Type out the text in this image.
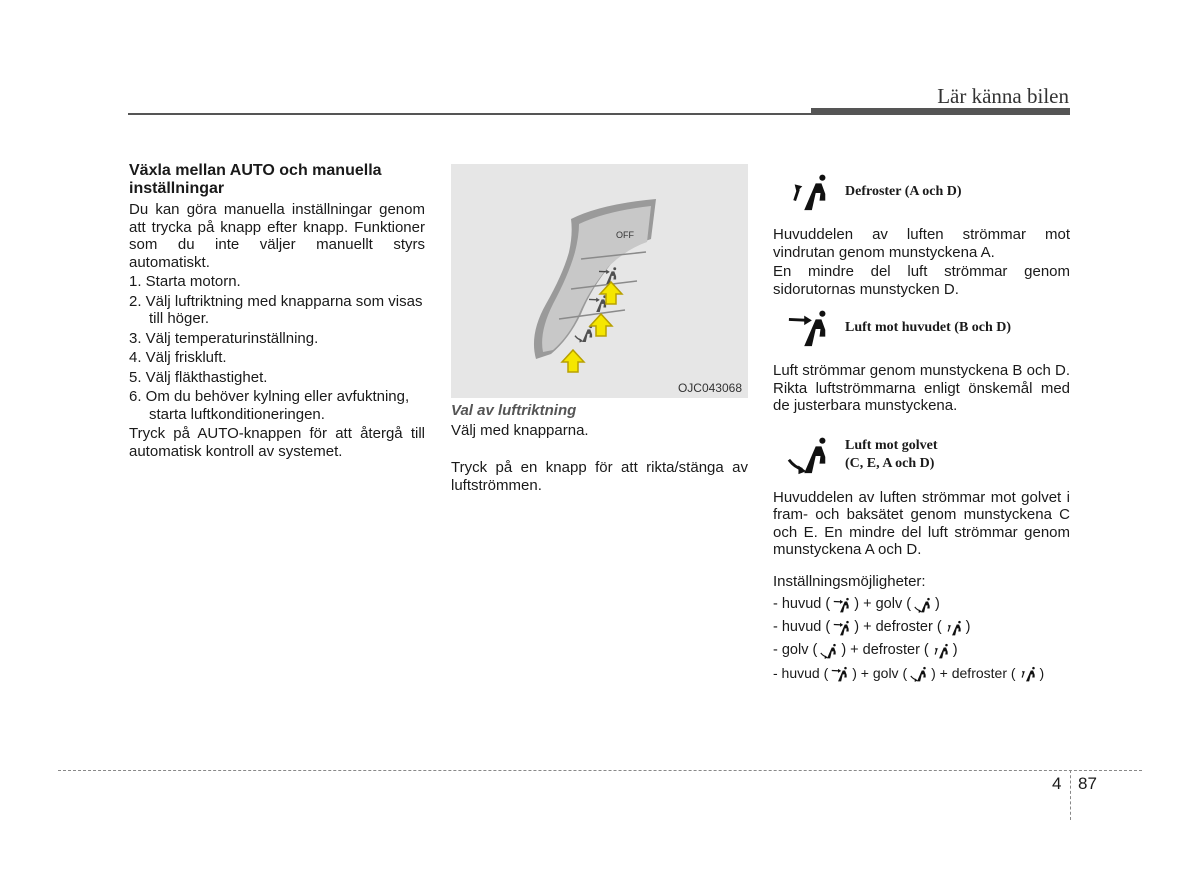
Lär känna bilen
Växla mellan AUTO och manuella inställningar

Du kan göra manuella inställningar genom att trycka på knapp efter knapp. Funktioner som du inte väljer manuellt styrs automatiskt.

1. Starta motorn.
2. Välj luftriktning med knapparna som visas till höger.
3. Välj temperaturinställning.
4. Välj friskluft.
5. Välj fläkthastighet.
6. Om du behöver kylning eller avfuktning, starta luftkonditioneringen.

Tryck på AUTO-knappen för att återgå till automatisk kontroll av systemet.

OFF
OJC043068
Val av luftriktning

Välj med knapparna.

Tryck på en knapp för att rikta/stänga av luftströmmen.

Defroster (A och D)

Huvuddelen av luften strömmar mot vindrutan genom munstyckena A.

En mindre del luft strömmar genom sidorutornas munstycken D.

Luft mot huvudet (B och D)

Luft strömmar genom munstyckena B och D. Rikta luftströmmarna enligt önskemål med de justerbara munstyckena.

Luft mot golvet
(C, E, A och D)

Huvuddelen av luften strömmar mot golvet i fram- och baksätet genom munstyckena C och E. En mindre del luft strömmar genom munstyckena A och D.

Inställningsmöjligheter:
- huvud ( ) + golv ( )
- huvud ( ) + defroster ( )
- golv ( ) + defroster ( )
- huvud ( ) + golv ( ) + defroster ( )
4 87
